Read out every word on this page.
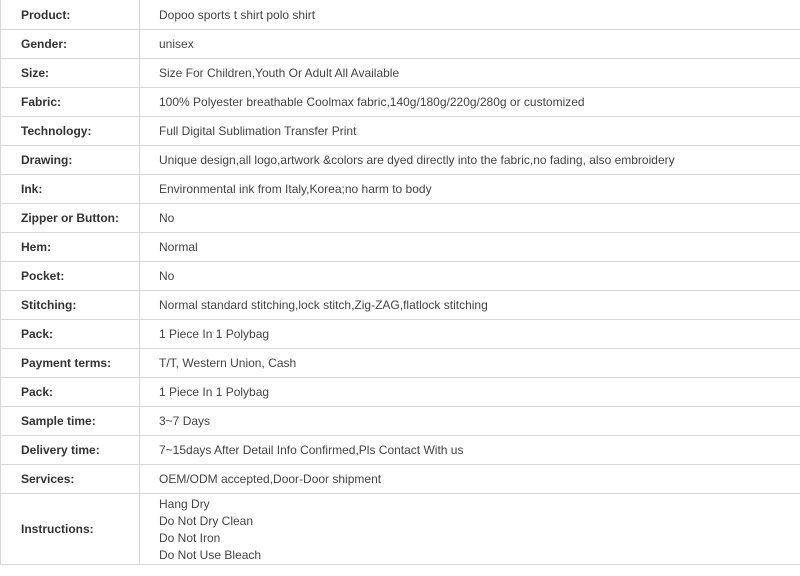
Product:	Dopoo sports t shirt polo shirt
Gender:	unisex
Size:	Size For Children,Youth Or Adult All Available
Fabric:	100% Polyester breathable Coolmax fabric,140g/180g/220g/280g or customized
Technology:	Full Digital Sublimation Transfer Print
Drawing:	Unique design,all logo,artwork &colors are dyed directly into the fabric,no fading, also embroidery
Ink:	Environmental ink from Italy,Korea;no harm to body
Zipper or Button:	No
Hem:	Normal
Pocket:	No
Stitching:	Normal standard stitching,lock stitch,Zig-ZAG,flatlock stitching
Pack:	1 Piece In 1 Polybag
Payment terms:	T/T, Western Union, Cash
Pack:	1 Piece In 1 Polybag
Sample time:	3~7 Days
Delivery time:	7~15days After Detail Info Confirmed,Pls Contact With us
Services:	OEM/ODM accepted,Door-Door shipment
Instructions:	Hang Dry
Do Not Dry Clean
Do Not Iron
Do Not Use Bleach
